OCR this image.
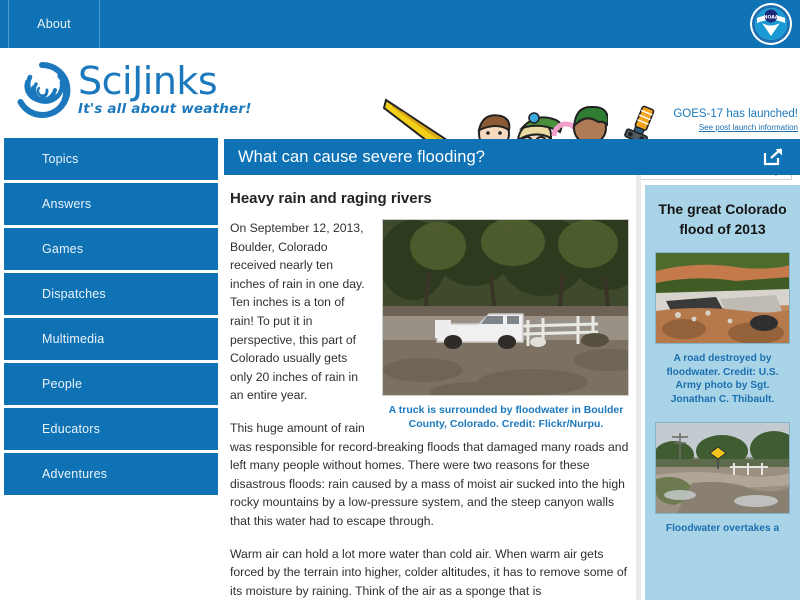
About	NOAA
SciJinks
It's all about weather!	GOES-17 has launched!
See post launch information
Search SciJinks...
Topics
Answers
Games
Dispatches
Multimedia
People
Educators
Adventures
What can cause severe flooding?
Heavy rain and raging rivers
A truck is surrounded by floodwater in Boulder County, Colorado. Credit: Flickr/Nurpu.

On September 12, 2013, Boulder, Colorado received nearly ten inches of rain in one day. Ten inches is a ton of rain! To put it in perspective, this part of Colorado usually gets only 20 inches of rain in an entire year.

This huge amount of rain was responsible for record-breaking floods that damaged many roads and left many people without homes. There were two reasons for these disastrous floods: rain caused by a mass of moist air sucked into the high rocky mountains by a low-pressure system, and the steep canyon walls that this water had to escape through.

Warm air can hold a lot more water than cold air. When warm air gets forced by the terrain into higher, colder altitudes, it has to remove some of its moisture by raining. Think of the air as a sponge that is

The great Colorado flood of 2013
A road destroyed by floodwater. Credit: U.S. Army photo by Sgt. Jonathan C. Thibault.
Floodwater overtakes a
